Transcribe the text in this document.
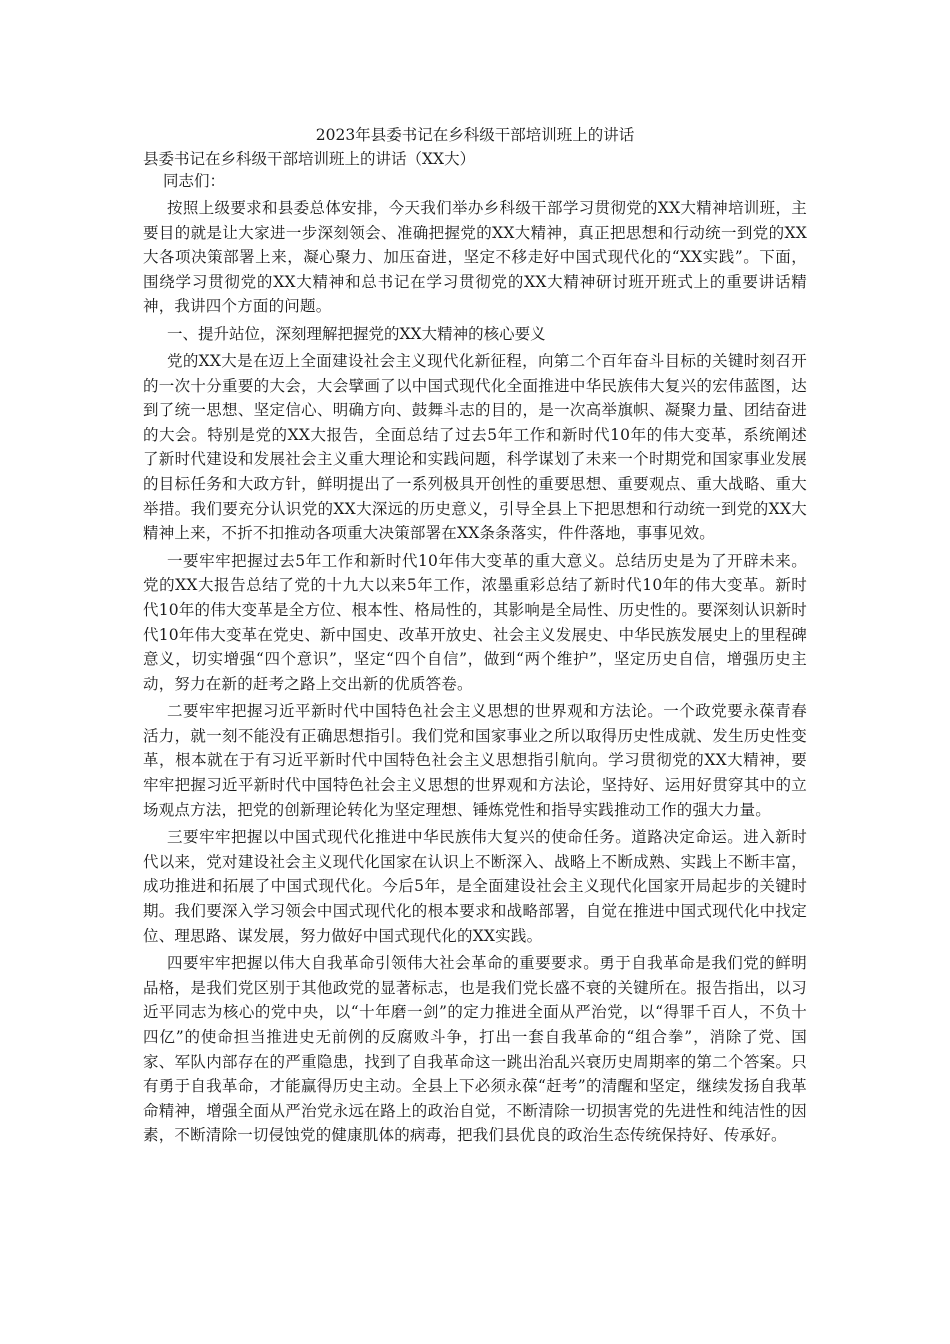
2023年县委书记在乡科级干部培训班上的讲话

县委书记在乡科级干部培训班上的讲话（XX大）

同志们：

按照上级要求和县委总体安排，今天我们举办乡科级干部学习贯彻党的XX大精神培训班，主要目的就是让大家进一步深刻领会、准确把握党的XX大精神，真正把思想和行动统一到党的XX大各项决策部署上来，凝心聚力、加压奋进，坚定不移走好中国式现代化的“XX实践”。下面，围绕学习贯彻党的XX大精神和总书记在学习贯彻党的XX大精神研讨班开班式上的重要讲话精神，我讲四个方面的问题。

一、提升站位，深刻理解把握党的XX大精神的核心要义

党的XX大是在迈上全面建设社会主义现代化新征程，向第二个百年奋斗目标的关键时刻召开的一次十分重要的大会，大会擘画了以中国式现代化全面推进中华民族伟大复兴的宏伟蓝图，达到了统一思想、坚定信心、明确方向、鼓舞斗志的目的，是一次高举旗帜、凝聚力量、团结奋进的大会。特别是党的XX大报告，全面总结了过去5年工作和新时代10年的伟大变革，系统阐述了新时代建设和发展社会主义重大理论和实践问题，科学谋划了未来一个时期党和国家事业发展的目标任务和大政方针，鲜明提出了一系列极具开创性的重要思想、重要观点、重大战略、重大举措。我们要充分认识党的XX大深远的历史意义，引导全县上下把思想和行动统一到党的XX大精神上来，不折不扣推动各项重大决策部署在XX条条落实，件件落地，事事见效。

一要牢牢把握过去5年工作和新时代10年伟大变革的重大意义。总结历史是为了开辟未来。党的XX大报告总结了党的十九大以来5年工作，浓墨重彩总结了新时代10年的伟大变革。新时代10年的伟大变革是全方位、根本性、格局性的，其影响是全局性、历史性的。要深刻认识新时代10年伟大变革在党史、新中国史、改革开放史、社会主义发展史、中华民族发展史上的里程碑意义，切实增强“四个意识”，坚定“四个自信”，做到“两个维护”，坚定历史自信，增强历史主动，努力在新的赶考之路上交出新的优质答卷。

二要牢牢把握习近平新时代中国特色社会主义思想的世界观和方法论。一个政党要永葆青春活力，就一刻不能没有正确思想指引。我们党和国家事业之所以取得历史性成就、发生历史性变革，根本就在于有习近平新时代中国特色社会主义思想指引航向。学习贯彻党的XX大精神，要牢牢把握习近平新时代中国特色社会主义思想的世界观和方法论，坚持好、运用好贯穿其中的立场观点方法，把党的创新理论转化为坚定理想、锤炼党性和指导实践推动工作的强大力量。

三要牢牢把握以中国式现代化推进中华民族伟大复兴的使命任务。道路决定命运。进入新时代以来，党对建设社会主义现代化国家在认识上不断深入、战略上不断成熟、实践上不断丰富，成功推进和拓展了中国式现代化。今后5年，是全面建设社会主义现代化国家开局起步的关键时期。我们要深入学习领会中国式现代化的根本要求和战略部署，自觉在推进中国式现代化中找定位、理思路、谋发展，努力做好中国式现代化的XX实践。

四要牢牢把握以伟大自我革命引领伟大社会革命的重要要求。勇于自我革命是我们党的鲜明品格，是我们党区别于其他政党的显著标志，也是我们党长盛不衰的关键所在。报告指出，以习近平同志为核心的党中央，以“十年磨一剑”的定力推进全面从严治党，以“得罪千百人，不负十四亿”的使命担当推进史无前例的反腐败斗争，打出一套自我革命的“组合拳”，消除了党、国家、军队内部存在的严重隐患，找到了自我革命这一跳出治乱兴衰历史周期率的第二个答案。只有勇于自我革命，才能赢得历史主动。全县上下必须永葆“赶考”的清醒和坚定，继续发扬自我革命精神，增强全面从严治党永远在路上的政治自觉，不断清除一切损害党的先进性和纯洁性的因素，不断清除一切侵蚀党的健康肌体的病毒，把我们县优良的政治生态传统保持好、传承好。
